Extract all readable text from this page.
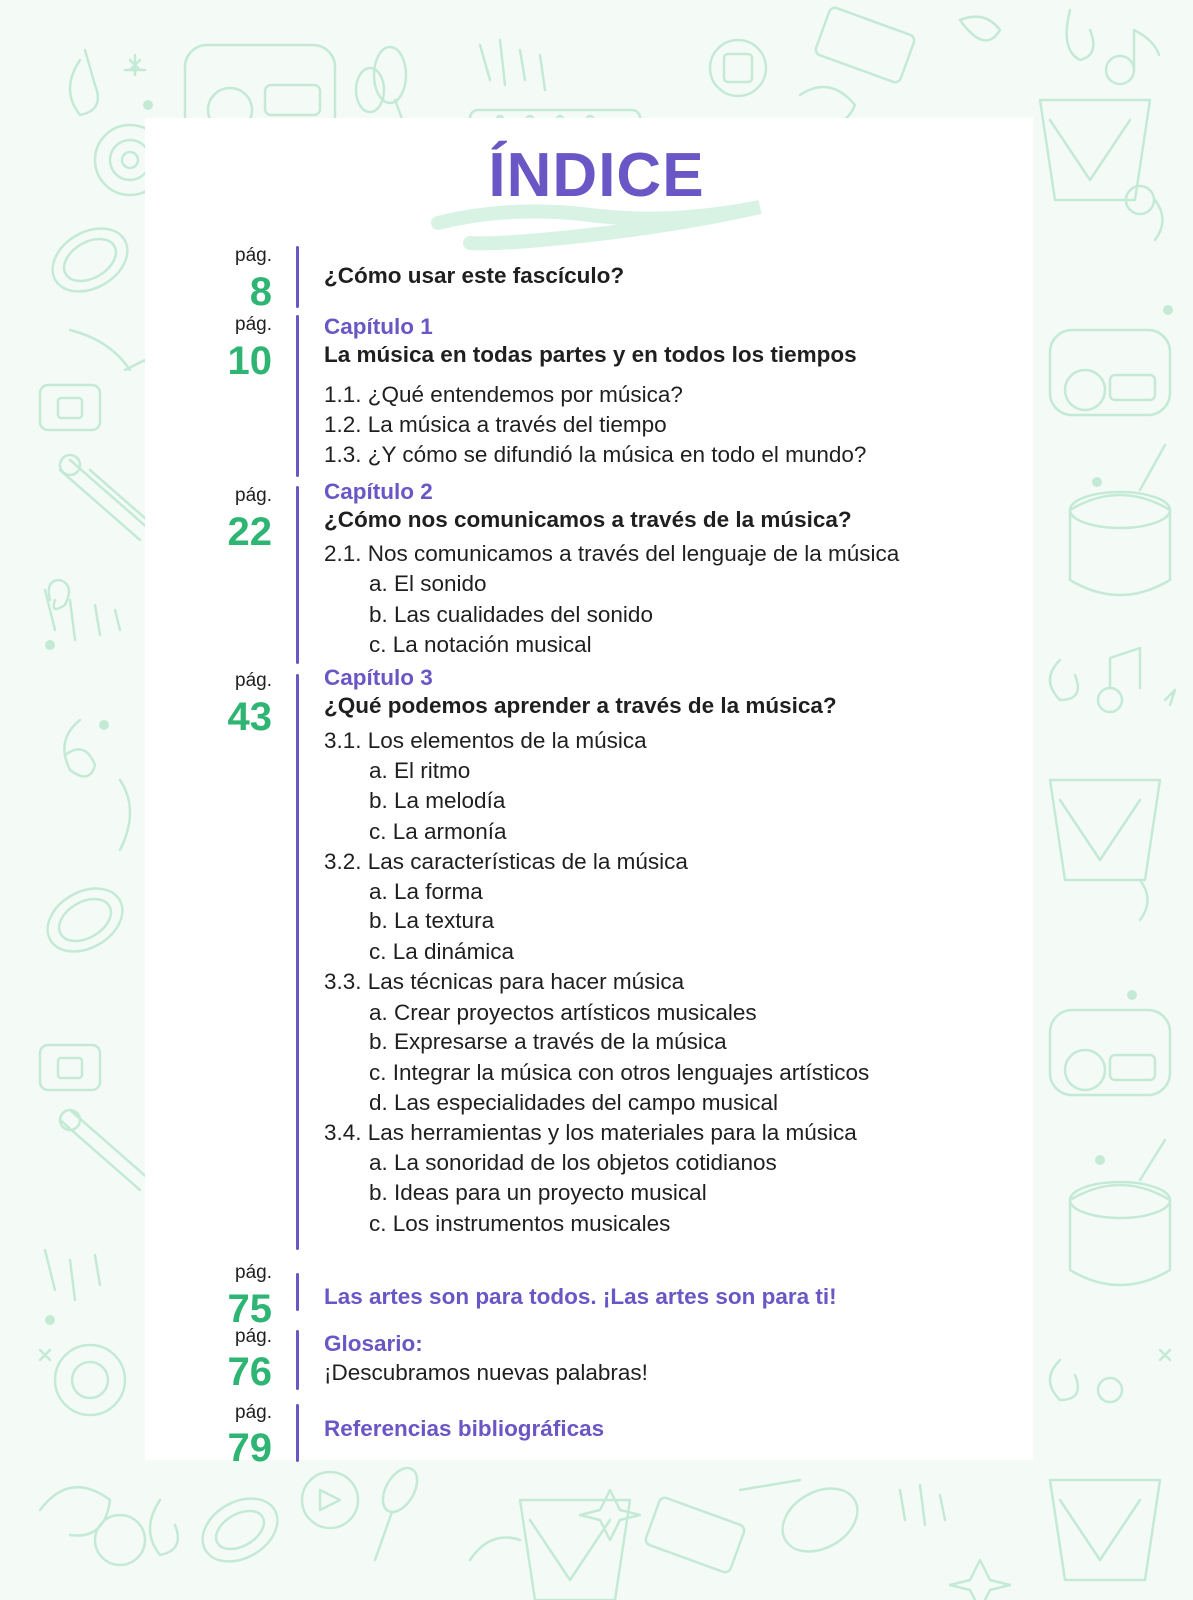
ÍNDICE
pág.
8 ¿Cómo usar este fascículo?
pág.
10
Capítulo 1
La música en todas partes y en todos los tiempos
1.1. ¿Qué entendemos por música?
1.2. La música a través del tiempo
1.3. ¿Y cómo se difundió la música en todo el mundo?
pág.
22
Capítulo 2
¿Cómo nos comunicamos a través de la música?
2.1. Nos comunicamos a través del lenguaje de la música
a. El sonido
b. Las cualidades del sonido
c. La notación musical
pág.
43
Capítulo 3
¿Qué podemos aprender a través de la música?
3.1. Los elementos de la música
a. El ritmo
b. La melodía
c. La armonía
3.2. Las características de la música
a. La forma
b. La textura
c. La dinámica
3.3. Las técnicas para hacer música
a. Crear proyectos artísticos musicales
b. Expresarse a través de la música
c. Integrar la música con otros lenguajes artísticos
d. Las especialidades del campo musical
3.4. Las herramientas y los materiales para la música
a. La sonoridad de los objetos cotidianos
b. Ideas para un proyecto musical
c. Los instrumentos musicales
pág.
75 Las artes son para todos. ¡Las artes son para ti!
pág.
76
Glosario:
¡Descubramos nuevas palabras!
pág.
79 Referencias bibliográficas
